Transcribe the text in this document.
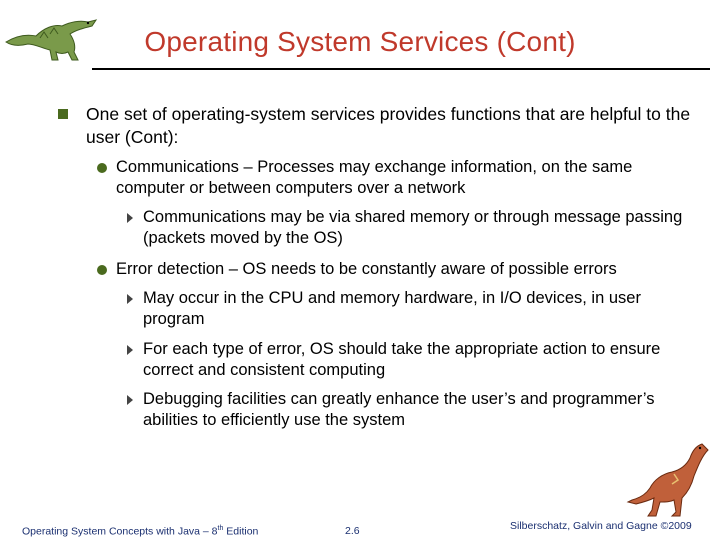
Operating System Services (Cont)
One set of operating-system services provides functions that are helpful to the user (Cont):
Communications – Processes may exchange information, on the same computer or between computers over a network
Communications may be via shared memory or through message passing (packets moved by the OS)
Error detection – OS needs to be constantly aware of possible errors
May occur in the CPU and memory hardware, in I/O devices, in user program
For each type of error, OS should take the appropriate action to ensure correct and consistent computing
Debugging facilities can greatly enhance the user’s and programmer’s abilities to efficiently use the system
Operating System Concepts with Java – 8th Edition	2.6	Silberschatz, Galvin and Gagne ©2009
